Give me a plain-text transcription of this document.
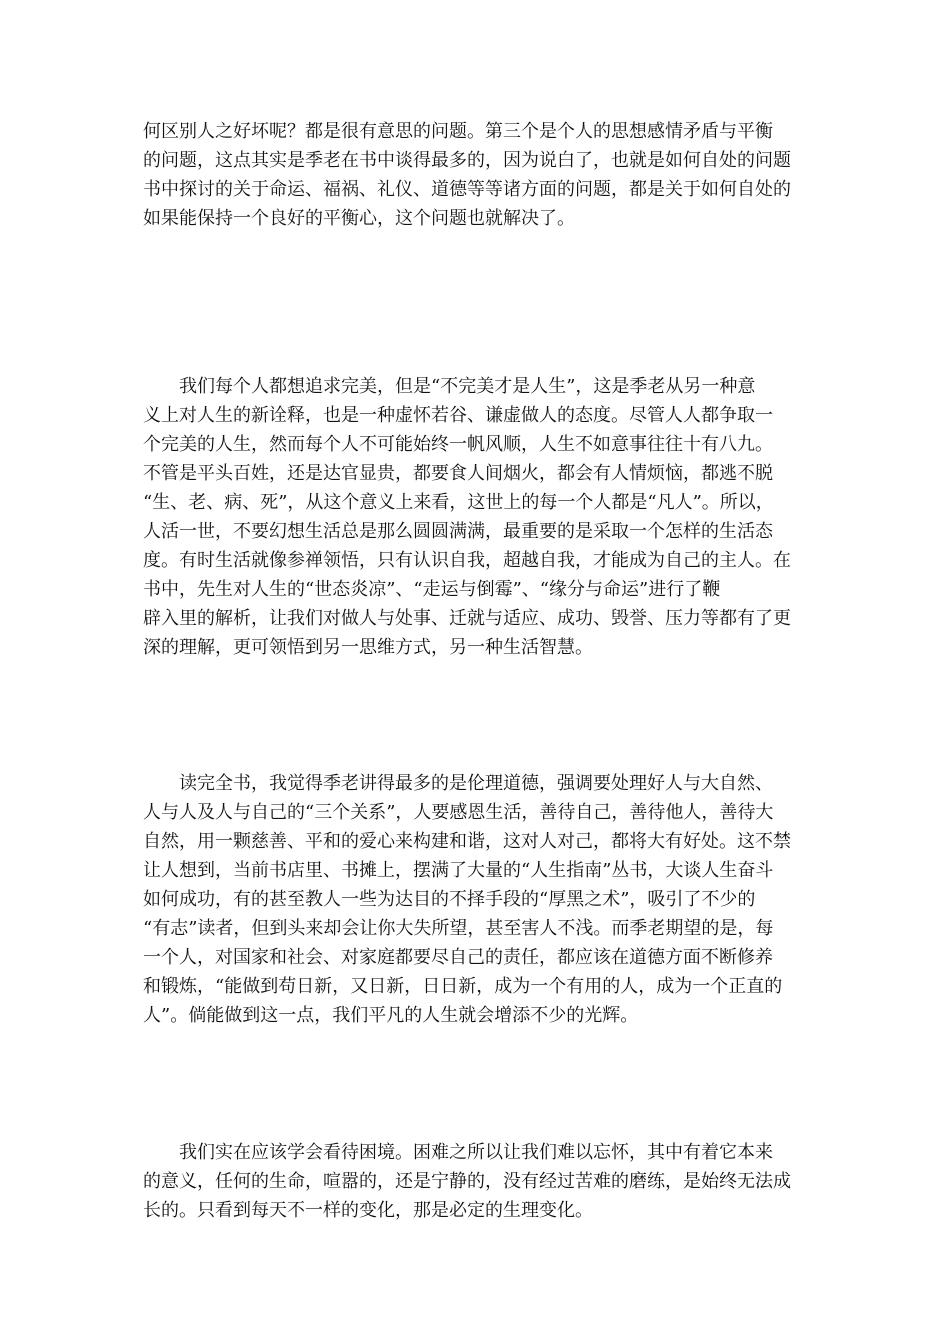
何区别人之好坏呢？都是很有意思的问题。第三个是个人的思想感情矛盾与平衡
的问题，这点其实是季老在书中谈得最多的，因为说白了，也就是如何自处的问题
书中探讨的关于命运、福祸、礼仪、道德等等诸方面的问题，都是关于如何自处的
如果能保持一个良好的平衡心，这个问题也就解决了。
我们每个人都想追求完美，但是“不完美才是人生”，这是季老从另一种意
义上对人生的新诠释，也是一种虚怀若谷、谦虚做人的态度。尽管人人都争取一
个完美的人生，然而每个人不可能始终一帆风顺，人生不如意事往往十有八九。
不管是平头百姓，还是达官显贵，都要食人间烟火，都会有人情烦恼，都逃不脱
“生、老、病、死”，从这个意义上来看，这世上的每一个人都是“凡人”。所以，
人活一世，不要幻想生活总是那么圆圆满满，最重要的是采取一个怎样的生活态
度。有时生活就像参禅领悟，只有认识自我，超越自我，才能成为自己的主人。在
书中，先生对人生的“世态炎凉”、“走运与倒霉”、“缘分与命运”进行了鞭
辟入里的解析，让我们对做人与处事、迁就与适应、成功、毁誉、压力等都有了更
深的理解，更可领悟到另一思维方式，另一种生活智慧。
读完全书，我觉得季老讲得最多的是伦理道德，强调要处理好人与大自然、
人与人及人与自己的“三个关系”，人要感恩生活，善待自己，善待他人，善待大
自然，用一颗慈善、平和的爱心来构建和谐，这对人对己，都将大有好处。这不禁
让人想到，当前书店里、书摊上，摆满了大量的“人生指南”丛书，大谈人生奋斗
如何成功，有的甚至教人一些为达目的不择手段的“厚黑之术”，吸引了不少的
“有志”读者，但到头来却会让你大失所望，甚至害人不浅。而季老期望的是，每
一个人，对国家和社会、对家庭都要尽自己的责任，都应该在道德方面不断修养
和锻炼，“能做到苟日新，又日新，日日新，成为一个有用的人，成为一个正直的
人”。倘能做到这一点，我们平凡的人生就会增添不少的光辉。
我们实在应该学会看待困境。困难之所以让我们难以忘怀，其中有着它本来
的意义，任何的生命，喧嚣的，还是宁静的，没有经过苦难的磨练，是始终无法成
长的。只看到每天不一样的变化，那是必定的生理变化。
